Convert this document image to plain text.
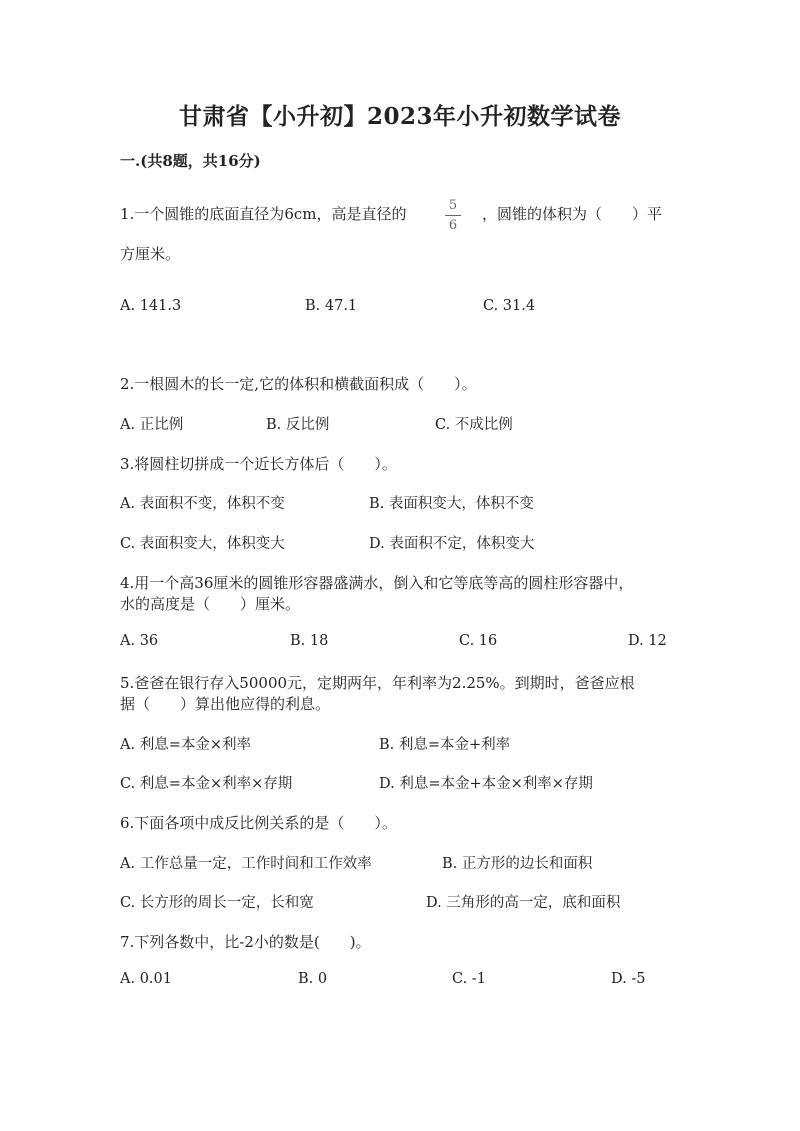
甘肃省【小升初】2023年小升初数学试卷
一.(共8题，共16分)
1.一个圆锥的底面直径为6cm，高是直径的	5
6
，圆锥的体积为（　　）平
方厘米。
A. 141.3	B. 47.1	C. 31.4
2.一根圆木的长一定,它的体积和横截面积成（　　）。
A. 正比例	B. 反比例	C. 不成比例
3.将圆柱切拼成一个近长方体后（　　）。
A. 表面积不变，体积不变	B. 表面积变大，体积不变
C. 表面积变大，体积变大	D. 表面积不定，体积变大
4.用一个高36厘米的圆锥形容器盛满水，倒入和它等底等高的圆柱形容器中，
水的高度是（　　）厘米。
A. 36	B. 18	C. 16	D. 12
5.爸爸在银行存入50000元，定期两年，年利率为2.25%。到期时，爸爸应根
据（　　）算出他应得的利息。
A. 利息=本金×利率	B. 利息=本金+利率
C. 利息=本金×利率×存期	D. 利息=本金+本金×利率×存期
6.下面各项中成反比例关系的是（　　）。
A. 工作总量一定，工作时间和工作效率	B. 正方形的边长和面积
C. 长方形的周长一定，长和宽	D. 三角形的高一定，底和面积
7.下列各数中，比-2小的数是(　　)。
A. 0.01	B. 0	C. -1	D. -5
